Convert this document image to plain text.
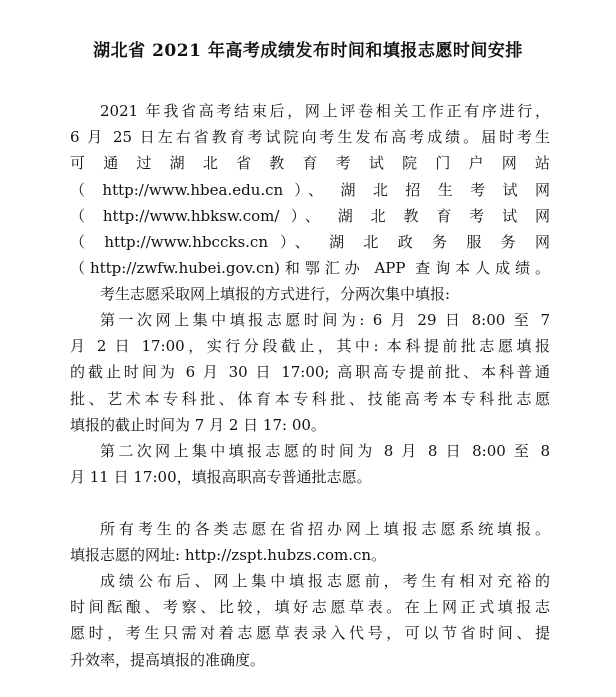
湖北省 2021 年高考成绩发布时间和填报志愿时间安排
2021 年我省高考结束后，网上评卷相关工作正有序进行，
6 月 25 日左右省教育考试院向考生发布高考成绩。届时考生
可 通 过 湖 北 省 教 育 考 试 院 门 户 网 站
（ http://www.hbea.edu.cn ）、 湖 北 招 生 考 试 网
（ http://www.hbksw.com/ ）、 湖 北 教 育 考 试 网
（ http://www.hbccks.cn ）、 湖 北 政 务 服 务 网
（http://zwfw.hubei.gov.cn)和鄂汇办 APP 查询本人成绩。
考生志愿采取网上填报的方式进行，分两次集中填报:
第一次网上集中填报志愿时间为: 6 月 29 日 8:00 至 7
月 2 日 17:00，实行分段截止，其中: 本科提前批志愿填报
的截止时间为 6 月 30 日 17:00; 高职高专提前批、本科普通
批、艺术本专科批、体育本专科批、技能高考本专科批志愿
填报的截止时间为 7 月 2 日 17: 00。
第二次网上集中填报志愿的时间为 8 月 8 日 8:00 至 8
月 11 日 17:00，填报高职高专普通批志愿。
所有考生的各类志愿在省招办网上填报志愿系统填报。
填报志愿的网址: http://zspt.hubzs.com.cn。
成绩公布后、网上集中填报志愿前，考生有相对充裕的
时间酝酿、考察、比较，填好志愿草表。在上网正式填报志
愿时，考生只需对着志愿草表录入代号，可以节省时间、提
升效率，提高填报的准确度。
